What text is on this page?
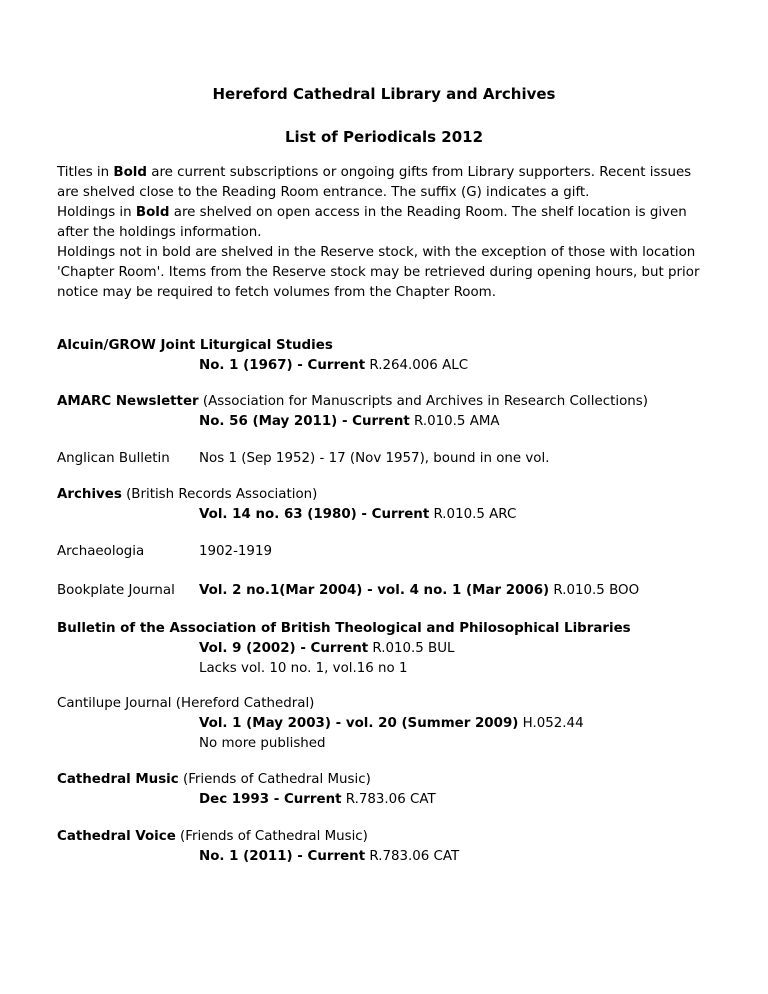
Hereford Cathedral Library and Archives
List of Periodicals 2012

Titles in Bold are current subscriptions or ongoing gifts from Library supporters. Recent issues are shelved close to the Reading Room entrance. The suffix (G) indicates a gift.

Holdings in Bold are shelved on open access in the Reading Room. The shelf location is given after the holdings information.

Holdings not in bold are shelved in the Reserve stock, with the exception of those with location 'Chapter Room'. Items from the Reserve stock may be retrieved during opening hours, but prior notice may be required to fetch volumes from the Chapter Room.

Alcuin/GROW Joint Liturgical Studies
No. 1 (1967) - Current R.264.006 ALC
AMARC Newsletter (Association for Manuscripts and Archives in Research Collections)
No. 56 (May 2011) - Current R.010.5 AMA
Anglican Bulletin Nos 1 (Sep 1952) - 17 (Nov 1957), bound in one vol.
Archives (British Records Association)
Vol. 14 no. 63 (1980) - Current R.010.5 ARC
Archaeologia	1902-1919
Bookplate Journal Vol. 2 no.1(Mar 2004) - vol. 4 no. 1 (Mar 2006) R.010.5 BOO
Bulletin of the Association of British Theological and Philosophical Libraries
Vol. 9 (2002) - Current R.010.5 BUL
Lacks vol. 10 no. 1, vol.16 no 1
Cantilupe Journal (Hereford Cathedral)
Vol. 1 (May 2003) - vol. 20 (Summer 2009) H.052.44
No more published
Cathedral Music (Friends of Cathedral Music)
Dec 1993 - Current R.783.06 CAT
Cathedral Voice (Friends of Cathedral Music)
No. 1 (2011) - Current R.783.06 CAT
